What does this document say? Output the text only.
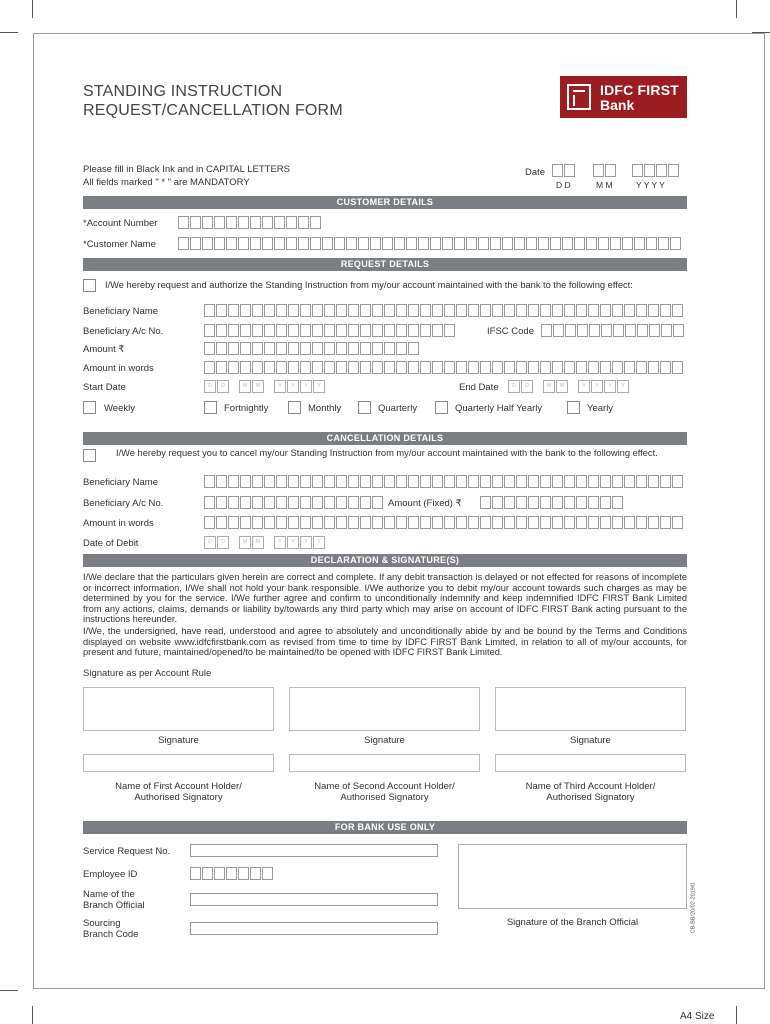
STANDING INSTRUCTION
REQUEST/CANCELLATION FORM
IDFC FIRST
Bank
Please fill in Black Ink and in CAPITAL LETTERS
All fields marked " * " are MANDATORY
Date
D D	M M	Y Y Y Y
CUSTOMER DETAILS
*Account Number
*Customer Name
REQUEST DETAILS
I/We hereby request and authorize the Standing Instruction from my/our account maintained with the bank to the following effect:
Beneficiary Name
Beneficiary A/c No.	IFSC Code
Amount ₹
Amount in words
Start Date	D	D	M	M	Y	Y	Y	Y	End Date	D	D	M	M	Y	Y	Y	Y
Weekly	Fortnightly	Monthly	Quarterly	Quarterly Half Yearly	Yearly
CANCELLATION DETAILS
I/We hereby request you to cancel my/our Standing Instruction from my/our account maintained with the bank to the following effect.
Beneficiary Name
Beneficiary A/c No.	Amount (Fixed) ₹
Amount in words
Date of Debit	D	D	M	M	Y	Y	Y	Y
DECLARATION & SIGNATURE(S)
I/We declare that the particulars given herein are correct and complete. If any debit transaction is delayed or not effected for reasons of incomplete or incorrect information, I/We shall not hold your bank responsible. I/We authorize you to debit my/our account towards such charges as may be determined by you for the service. I/We further agree and confirm to unconditionally indemnify and keep indemnified IDFC FIRST Bank Limited from any actions, claims, demands or liability by/towards any third party which may arise on account of IDFC FIRST Bank acting pursuant to the instructions hereunder.
I/We, the undersigned, have read, understood and agree to absolutely and unconditionally abide by and be bound by the Terms and Conditions displayed on website www.idfcfirstbank.com as revised from time to time by IDFC FIRST Bank Limited, in relation to all of my/our accounts, for present and future, maintained/opened/to be maintained/to be opened with IDFC FIRST Bank Limited.
Signature as per Account Rule
Signature	Signature	Signature
Name of First Account Holder/
Authorised Signatory
Name of Second Account Holder/
Authorised Signatory
Name of Third Account Holder/
Authorised Signatory
FOR BANK USE ONLY
Service Request No.
Employee ID
Name of the
Branch Official
Sourcing
Branch Code
Signature of the Branch Official	CB-BB/20/02-2019/0
A4 Size
